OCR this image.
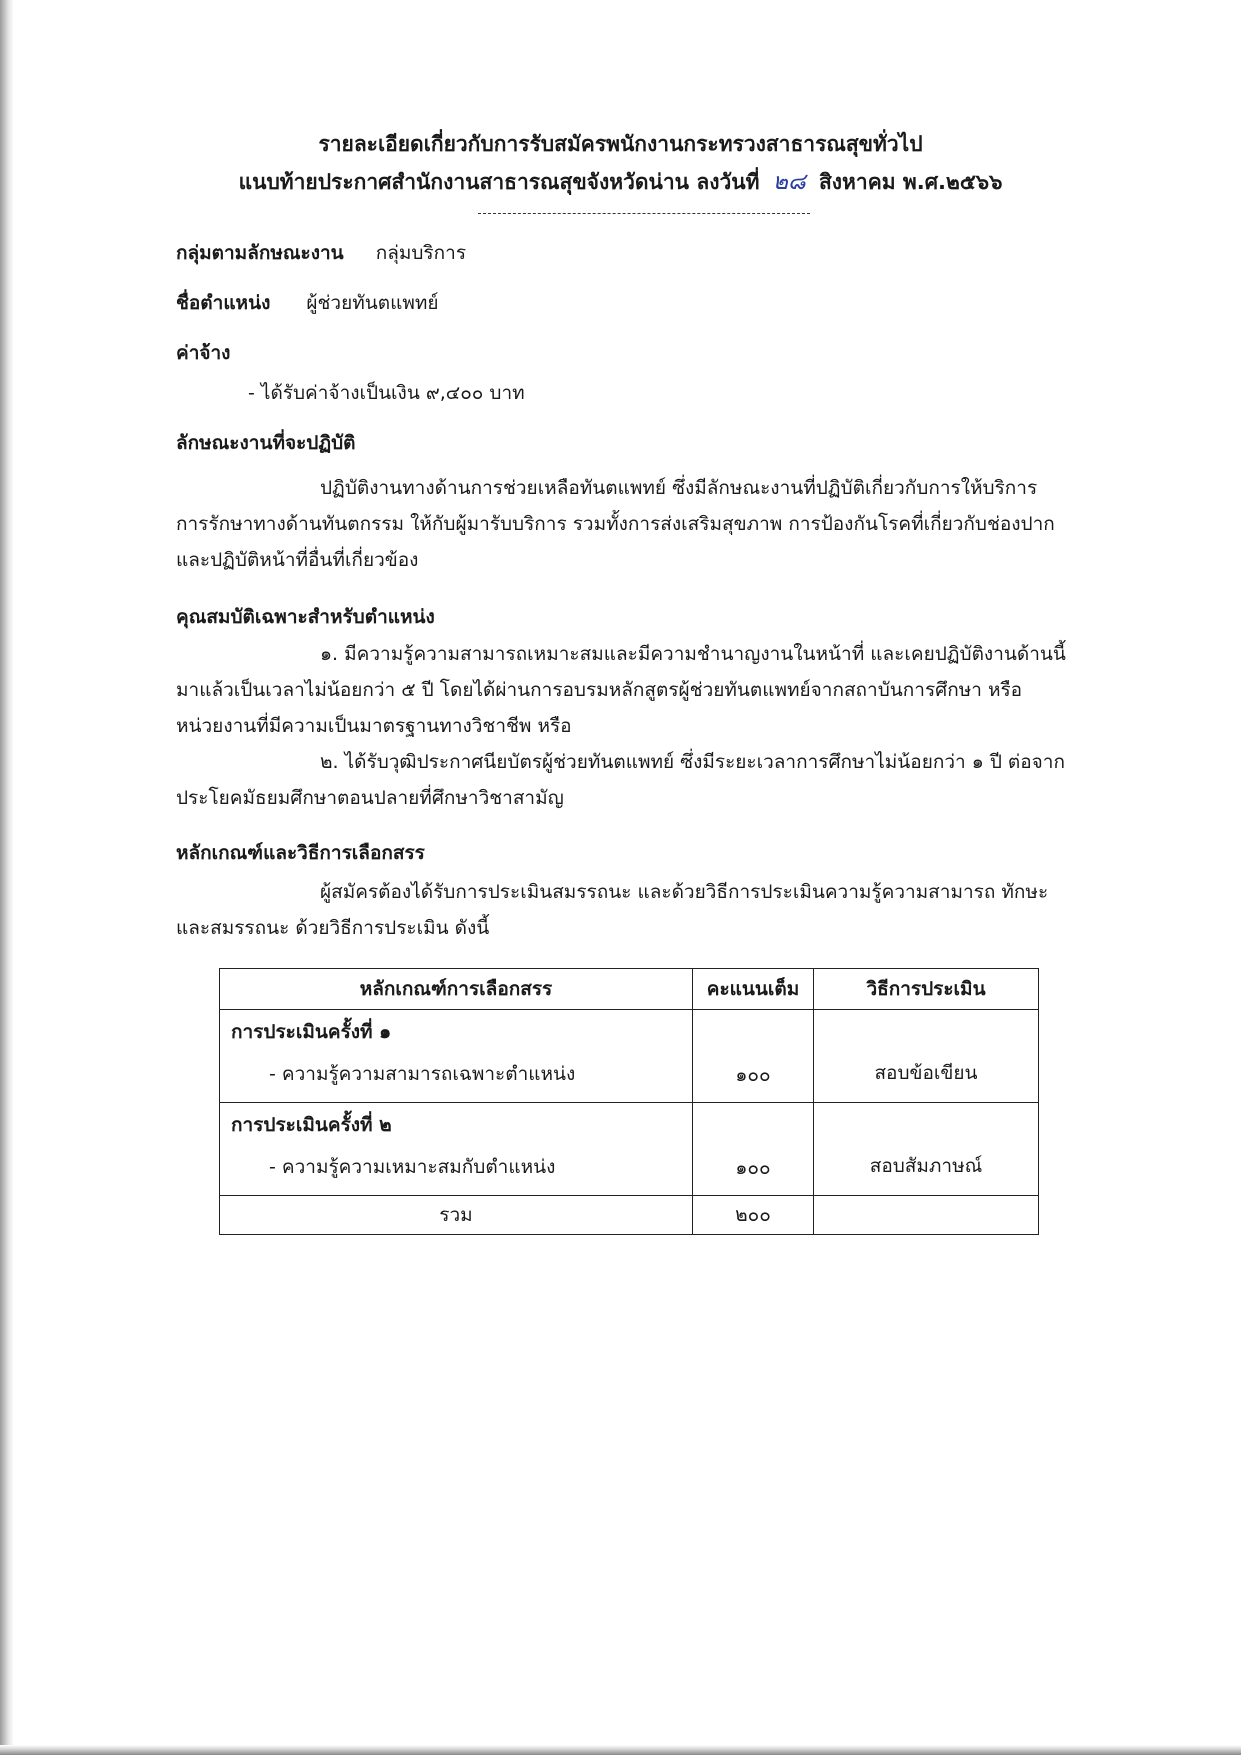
รายละเอียดเกี่ยวกับการรับสมัครพนักงานกระทรวงสาธารณสุขทั่วไป
แนบท้ายประกาศสำนักงานสาธารณสุขจังหวัดน่าน ลงวันที่ ๒๘ สิงหาคม พ.ศ.๒๕๖๖
กลุ่มตามลักษณะงาน กลุ่มบริการ
ชื่อตำแหน่ง ผู้ช่วยทันตแพทย์
ค่าจ้าง
- ได้รับค่าจ้างเป็นเงิน ๙,๔๐๐ บาท
ลักษณะงานที่จะปฏิบัติ
ปฏิบัติงานทางด้านการช่วยเหลือทันตแพทย์ ซึ่งมีลักษณะงานที่ปฏิบัติเกี่ยวกับการให้บริการ
การรักษาทางด้านทันตกรรม ให้กับผู้มารับบริการ รวมทั้งการส่งเสริมสุขภาพ การป้องกันโรคที่เกี่ยวกับช่องปาก
และปฏิบัติหน้าที่อื่นที่เกี่ยวข้อง
คุณสมบัติเฉพาะสำหรับตำแหน่ง
๑. มีความรู้ความสามารถเหมาะสมและมีความชำนาญงานในหน้าที่ และเคยปฏิบัติงานด้านนี้
มาแล้วเป็นเวลาไม่น้อยกว่า ๕ ปี โดยได้ผ่านการอบรมหลักสูตรผู้ช่วยทันตแพทย์จากสถาบันการศึกษา หรือ
หน่วยงานที่มีความเป็นมาตรฐานทางวิชาชีพ หรือ
๒. ได้รับวุฒิประกาศนียบัตรผู้ช่วยทันตแพทย์ ซึ่งมีระยะเวลาการศึกษาไม่น้อยกว่า ๑ ปี ต่อจาก
ประโยคมัธยมศึกษาตอนปลายที่ศึกษาวิชาสามัญ
หลักเกณฑ์และวิธีการเลือกสรร
ผู้สมัครต้องได้รับการประเมินสมรรถนะ และด้วยวิธีการประเมินความรู้ความสามารถ ทักษะ
และสมรรถนะ ด้วยวิธีการประเมิน ดังนี้
หลักเกณฑ์การเลือกสรร	คะแนนเต็ม	วิธีการประเมิน

การประเมินครั้งที่ ๑
- ความรู้ความสามารถเฉพาะตำแหน่ง	๑๐๐	สอบข้อเขียน

การประเมินครั้งที่ ๒
- ความรู้ความเหมาะสมกับตำแหน่ง	๑๐๐	สอบสัมภาษณ์
รวม	๒๐๐	
